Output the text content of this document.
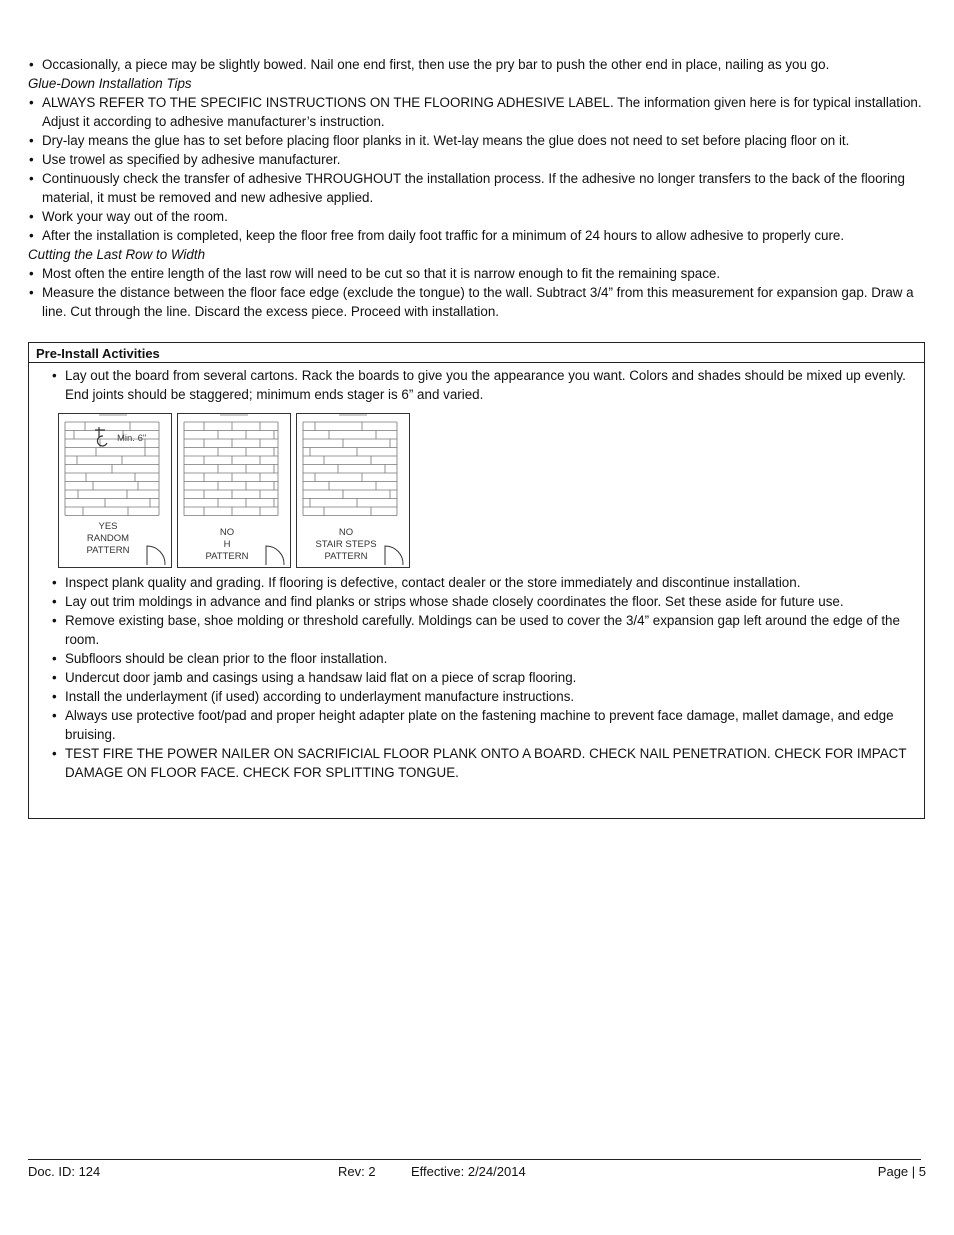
• Occasionally, a piece may be slightly bowed. Nail one end first, then use the pry bar to push the other end in place, nailing as you go.
Glue-Down Installation Tips
• ALWAYS REFER TO THE SPECIFIC INSTRUCTIONS ON THE FLOORING ADHESIVE LABEL. The information given here is for typical installation. Adjust it according to adhesive manufacturer’s instruction.
• Dry-lay means the glue has to set before placing floor planks in it. Wet-lay means the glue does not need to set before placing floor on it.
• Use trowel as specified by adhesive manufacturer.
• Continuously check the transfer of adhesive THROUGHOUT the installation process. If the adhesive no longer transfers to the back of the flooring material, it must be removed and new adhesive applied.
• Work your way out of the room.
• After the installation is completed, keep the floor free from daily foot traffic for a minimum of 24 hours to allow adhesive to properly cure.
Cutting the Last Row to Width
• Most often the entire length of the last row will need to be cut so that it is narrow enough to fit the remaining space.
• Measure the distance between the floor face edge (exclude the tongue) to the wall. Subtract 3/4” from this measurement for expansion gap. Draw a line. Cut through the line. Discard the excess piece. Proceed with installation.
Pre-Install Activities
• Lay out the board from several cartons. Rack the boards to give you the appearance you want. Colors and shades should be mixed up evenly. End joints should be staggered; minimum ends stager is 6” and varied.
Min. 6"
YES
RANDOM
PATTERN
NO
H
PATTERN
NO
STAIR STEPS
PATTERN
• Inspect plank quality and grading. If flooring is defective, contact dealer or the store immediately and discontinue installation.
• Lay out trim moldings in advance and find planks or strips whose shade closely coordinates the floor. Set these aside for future use.
• Remove existing base, shoe molding or threshold carefully. Moldings can be used to cover the 3/4” expansion gap left around the edge of the room.
• Subfloors should be clean prior to the floor installation.
• Undercut door jamb and casings using a handsaw laid flat on a piece of scrap flooring.
• Install the underlayment (if used) according to underlayment manufacture instructions.
• Always use protective foot/pad and proper height adapter plate on the fastening machine to prevent face damage, mallet damage, and edge bruising.
• TEST FIRE THE POWER NAILER ON SACRIFICIAL FLOOR PLANK ONTO A BOARD. CHECK NAIL PENETRATION. CHECK FOR IMPACT DAMAGE ON FLOOR FACE. CHECK FOR SPLITTING TONGUE.
Doc. ID: 124	Rev: 2	Effective: 2/24/2014	Page | 5
